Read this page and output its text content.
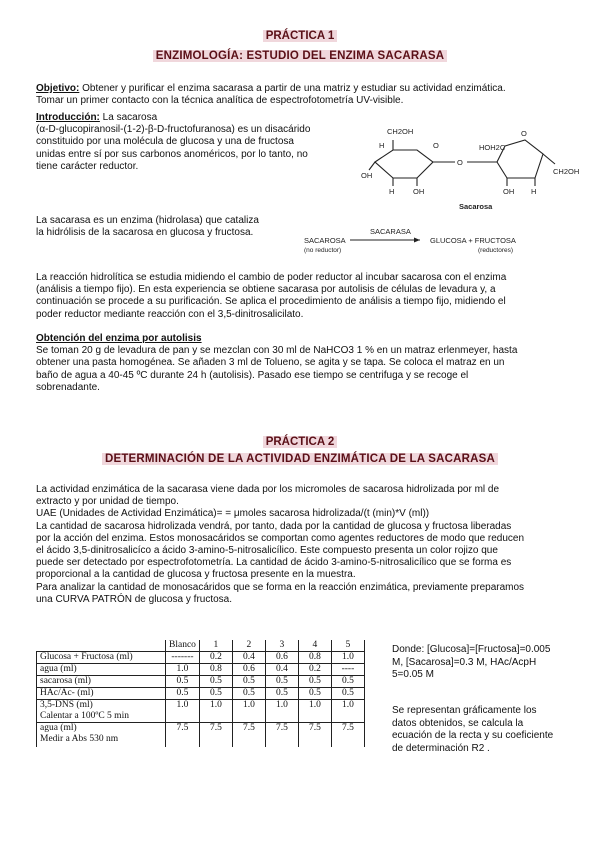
PRÁCTICA 1
ENZIMOLOGÍA: ESTUDIO DEL ENZIMA SACARASA
Objetivo: Obtener y purificar el enzima sacarasa a partir de una matriz y estudiar su actividad enzimática.
Tomar un primer contacto con la técnica analítica de espectrofotometría UV-visible.
Introducción: La sacarosa
(α-D-glucopiranosil-(1-2)-β-D-fructofuranosa) es un disacárido
constituido por una molécula de glucosa y una de fructosa
unidas entre sí por sus carbonos anoméricos, por lo tanto, no
tiene carácter reductor.
CH2OH
HOH2C
CH2OH
H
OH
O
O
O
OH
H	OH H
Sacarosa
La sacarasa es un enzima (hidrolasa) que cataliza
la hidrólisis de la sacarosa en glucosa y fructosa.	SACARASA
SACAROSA
(no reductor)
GLUCOSA + FRUCTOSA
(reductores)
La reacción hidrolítica se estudia midiendo el cambio de poder reductor al incubar sacarosa con el enzima
(análisis a tiempo fijo). En esta experiencia se obtiene sacarasa por autolisis de células de levadura y, a
continuación se procede a su purificación. Se aplica el procedimiento de análisis a tiempo fijo, midiendo el
poder reductor mediante reacción con el 3,5-dinitrosalicilato.
Obtención del enzima por autolisis
Se toman 20 g de levadura de pan y se mezclan con 30 ml de NaHCO3 1 % en un matraz erlenmeyer, hasta
obtener una pasta homogénea. Se añaden 3 ml de Tolueno, se agita y se tapa. Se coloca el matraz en un
baño de agua a 40-45 ºC durante 24 h (autolisis). Pasado ese tiempo se centrifuga y se recoge el
sobrenadante.
PRÁCTICA 2
DETERMINACIÓN DE LA ACTIVIDAD ENZIMÁTICA DE LA SACARASA
La actividad enzimática de la sacarasa viene dada por los micromoles de sacarosa hidrolizada por ml de
extracto y por unidad de tiempo.
UAE (Unidades de Actividad Enzimática)= = μmoles sacarosa hidrolizada/(t (min)*V (ml))
La cantidad de sacarosa hidrolizada vendrá, por tanto, dada por la cantidad de glucosa y fructosa liberadas
por la acción del enzima. Estos monosacáridos se comportan como agentes reductores de modo que reducen
el ácido 3,5-dinitrosalicíco a ácido 3-amino-5-nitrosalicílico. Este compuesto presenta un color rojizo que
puede ser detectado por espectrofotometría. La cantidad de ácido 3-amino-5-nitrosalicílico que se forma es
proporcional a la cantidad de glucosa y fructosa presente en la muestra.
Para analizar la cantidad de monosacáridos que se forma en la reacción enzimática, previamente preparamos
una CURVA PATRÓN de glucosa y fructosa.
	Blanco	1	2	3	4	5
Glucosa + Fructosa (ml)	-------	0.2	0.4	0.6	0.8	1.0
agua (ml)	1.0	0.8	0.6	0.4	0.2	----
sacarosa (ml)	0.5	0.5	0.5	0.5	0.5	0.5
HAc/Ac- (ml)	0.5	0.5	0.5	0.5	0.5	0.5

3,5-DNS (ml)
Calentar a 100ºC 5 min	1.0	1.0	1.0	1.0	1.0	1.0

agua (ml)
Medir a Abs 530 nm	7.5	7.5	7.5	7.5	7.5	7.5
Donde: [Glucosa]=[Fructosa]=0.005
M, [Sacarosa]=0.3 M, HAc/AcpH
5=0.05 M
Se representan gráficamente los
datos obtenidos, se calcula la
ecuación de la recta y su coeficiente
de determinación R2 .
